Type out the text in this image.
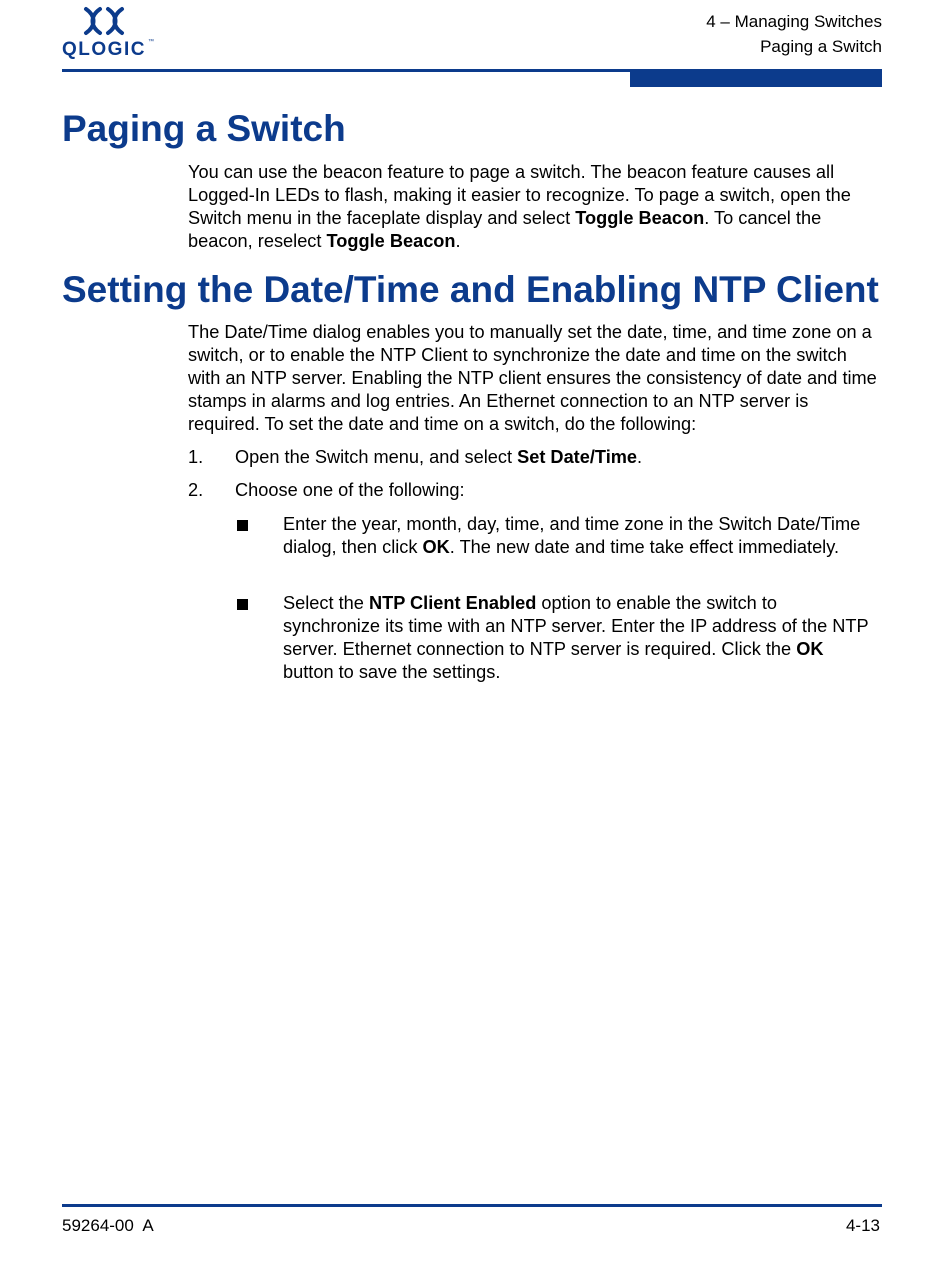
QLOGIC ™
4 – Managing Switches
Paging a Switch
Paging a Switch

You can use the beacon feature to page a switch. The beacon feature causes all Logged-In LEDs to flash, making it easier to recognize. To page a switch, open the Switch menu in the faceplate display and select Toggle Beacon. To cancel the beacon, reselect Toggle Beacon.

Setting the Date/Time and Enabling NTP Client

The Date/Time dialog enables you to manually set the date, time, and time zone on a switch, or to enable the NTP Client to synchronize the date and time on the switch with an NTP server. Enabling the NTP client ensures the consistency of date and time stamps in alarms and log entries. An Ethernet connection to an NTP server is required. To set the date and time on a switch, do the following:

1. Open the Switch menu, and select Set Date/Time.
2. Choose one of the following:
Enter the year, month, day, time, and time zone in the Switch Date/Time dialog, then click OK. The new date and time take effect immediately.
Select the NTP Client Enabled option to enable the switch to synchronize its time with an NTP server. Enter the IP address of the NTP server. Ethernet connection to NTP server is required. Click the OK button to save the settings.
59264-00  A	4-13
